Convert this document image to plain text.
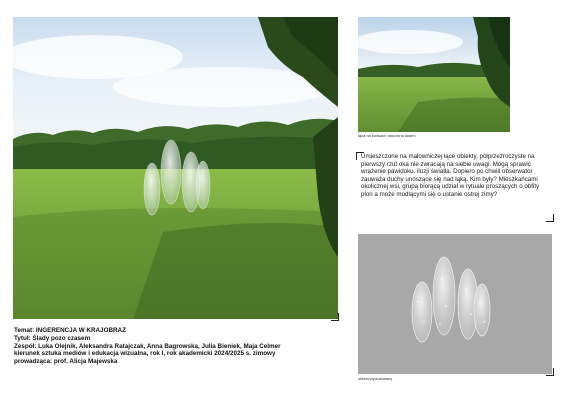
łąka na kulisach otoczona lasem
Umieszczone na malowniczej łące obiekty, półprzezroczyste na pierwszy rzut oka nie zwracają na siebie uwagi. Mogą sprawić wrażenie pawidoku, iluzji światła. Dopiero po chwili obserwator zauważa duchy unoszące się nad łąką. Kim były? Mieszkańcami okolicznej wsi, grupą biorącą udział w rytuale proszących o obfity plon a może modlącymi się o ustanie ostrej zimy?
obiekt wyizolowany
Temat: INGERENCJA W KRAJOBRAZ
Tytuł: Ślady pozo czasem
Zespół: Luka Olejnik, Aleksandra Ratajczak, Anna Bagrowska, Julia Bieniek, Maja Celmer
kierunek sztuka mediów i edukacja wizualna, rok I, rok akademicki 2024/2025 s. zimowy
prowadząca: prof. Alicja Majewska
